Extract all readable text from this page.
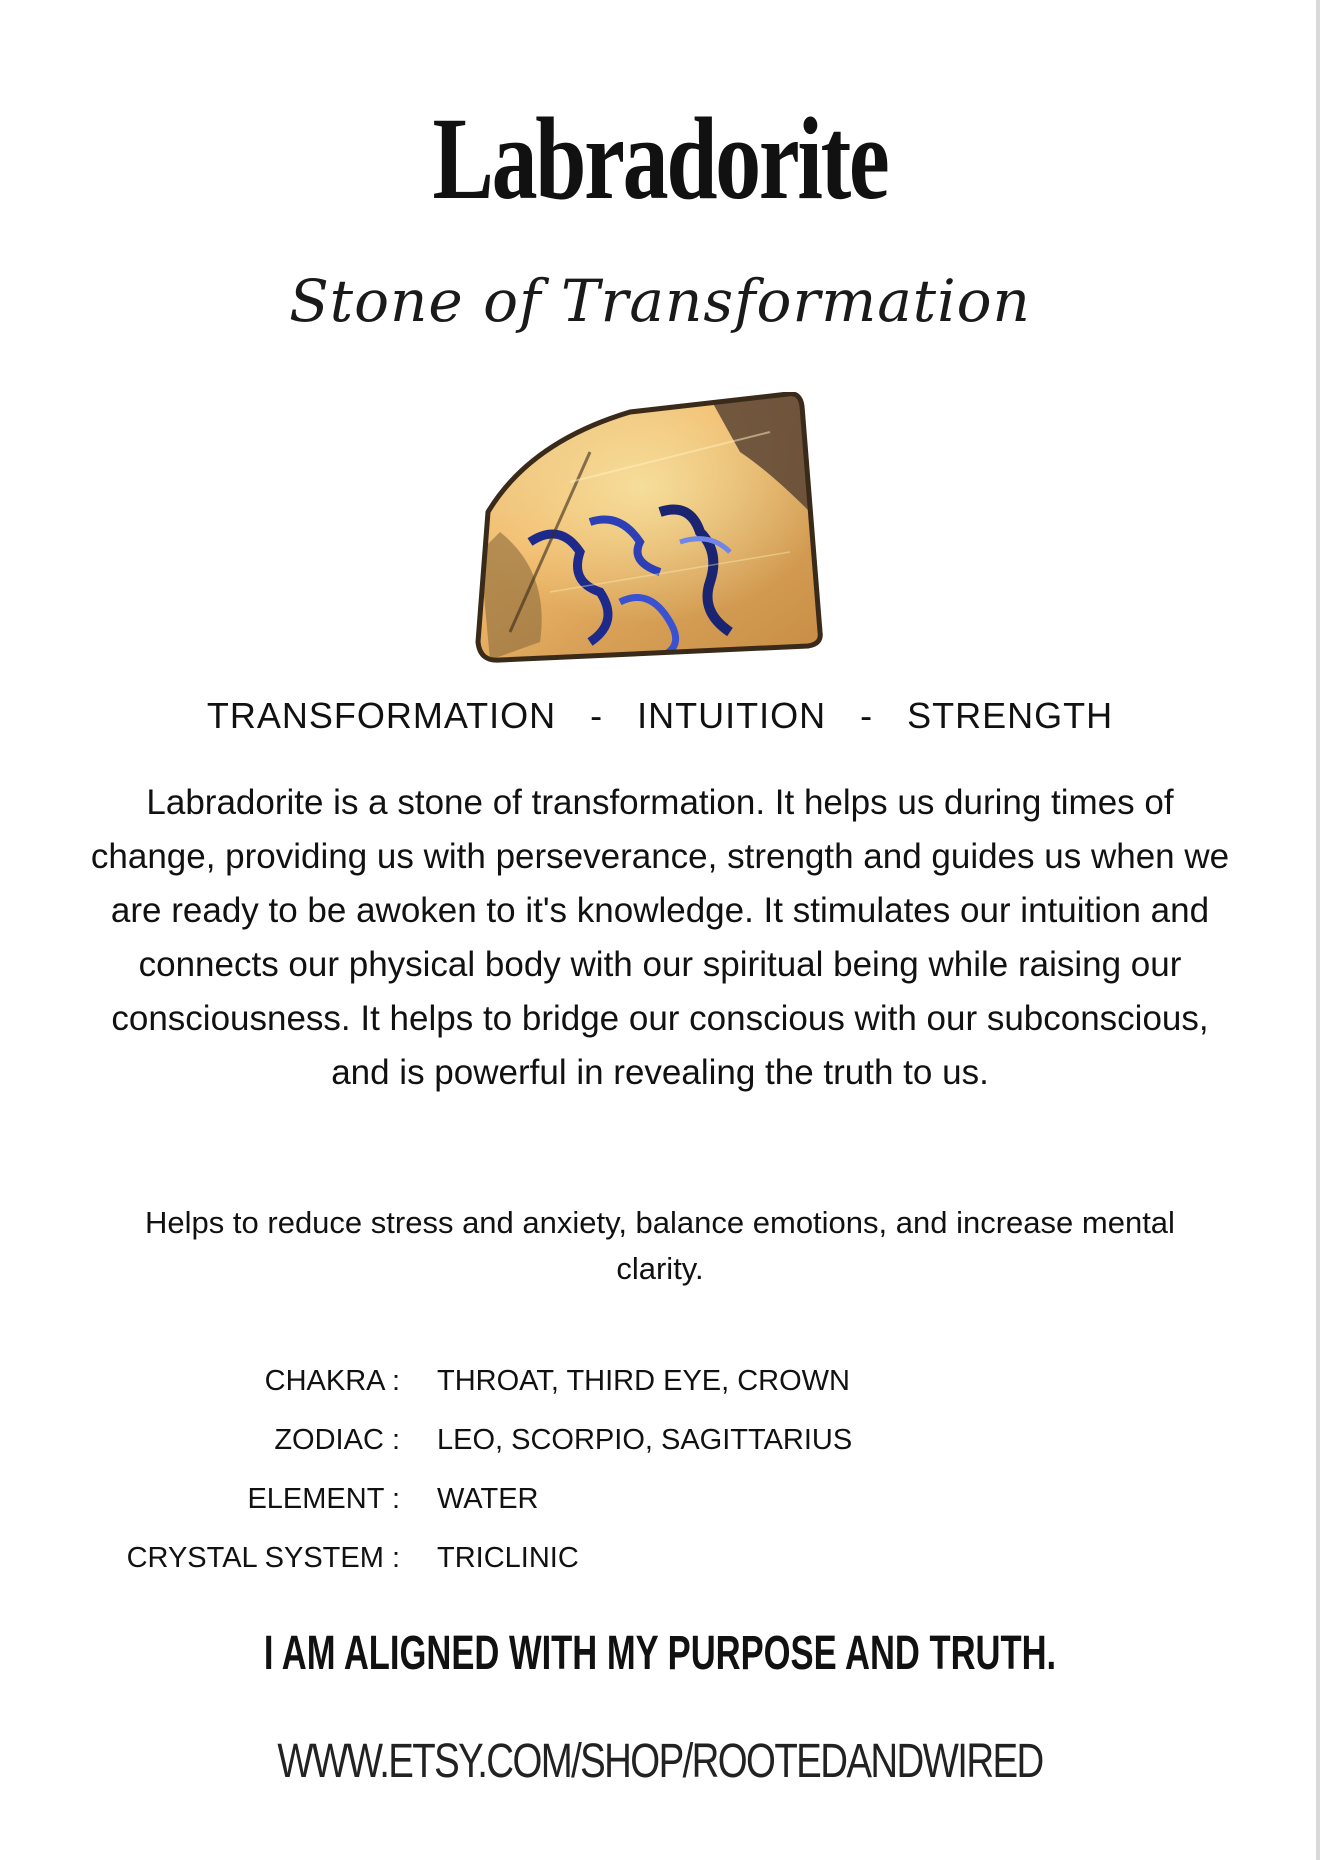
Labradorite
Stone of Transformation
TRANSFORMATION - INTUITION - STRENGTH

Labradorite is a stone of transformation. It helps us during times of change, providing us with perseverance, strength and guides us when we are ready to be awoken to it's knowledge. It stimulates our intuition and connects our physical body with our spiritual being while raising our consciousness. It helps to bridge our conscious with our subconscious, and is powerful in revealing the truth to us.

Helps to reduce stress and anxiety, balance emotions, and increase mental clarity.

CHAKRA :	THROAT, THIRD EYE, CROWN
ZODIAC :	LEO, SCORPIO, SAGITTARIUS
ELEMENT :	WATER
CRYSTAL SYSTEM :	TRICLINIC
I AM ALIGNED WITH MY PURPOSE AND TRUTH.
WWW.ETSY.COM/SHOP/ROOTEDANDWIRED
